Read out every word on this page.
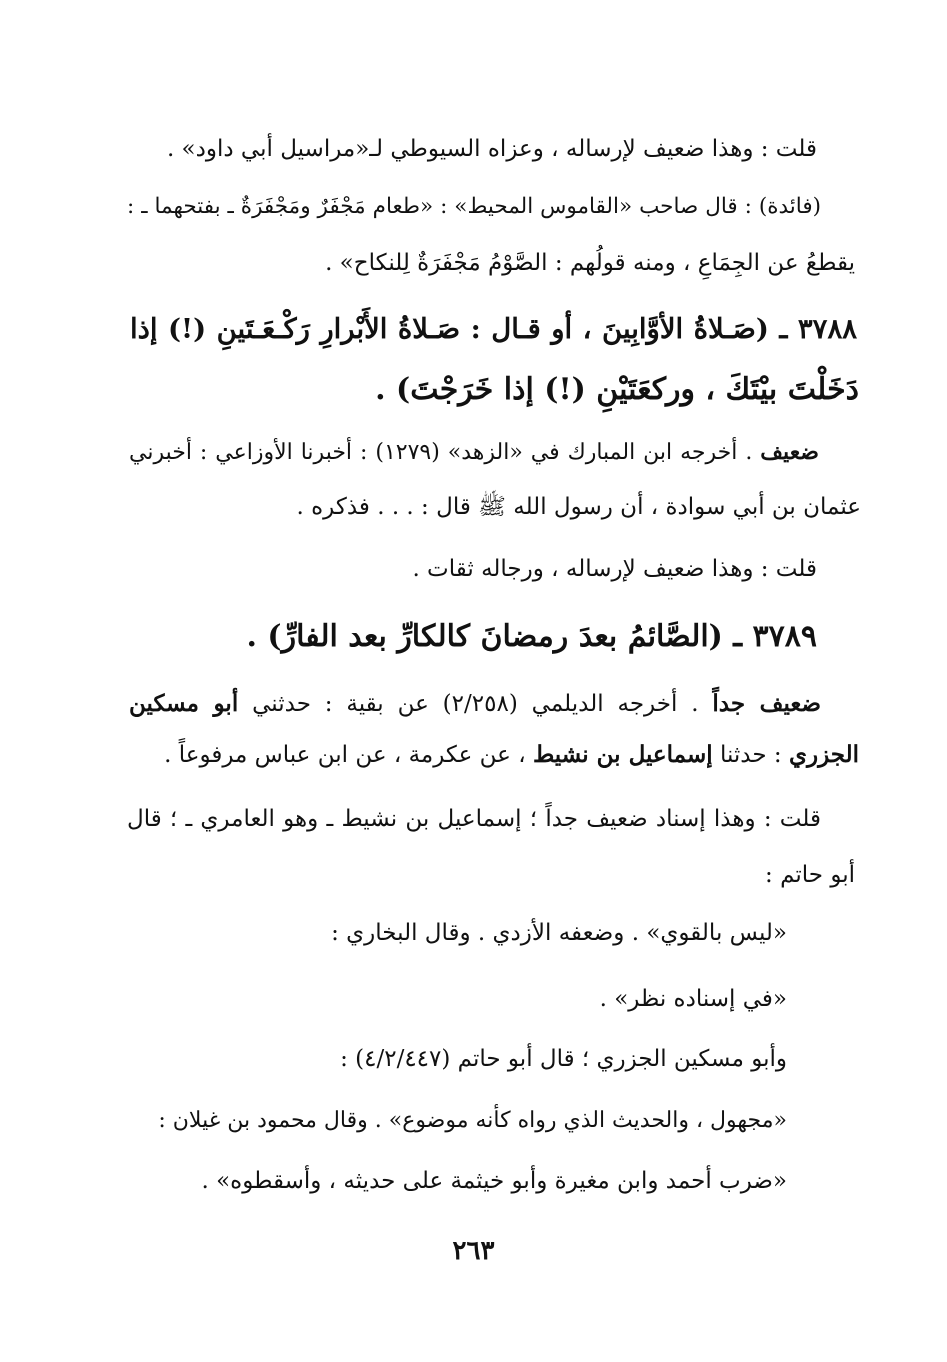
قلت : وهذا ضعيف لإرساله ، وعزاه السيوطي لـ«مراسيل أبي داود» .
(فائدة) : قال صاحب «القاموس المحيط» : «طعام مَجْفَرٌ ومَجْفَرَةٌ ـ بفتحهما ـ :
يقطعُ عن الجِمَاعِ ، ومنه قولُهم : الصَّوْمُ مَجْفَرَةٌ لِلنكاح» .
٣٧٨٨ ـ (صَـلاةُ الأوَّابِينَ ، أو قـال : صَـلاةُ الأَبْرارِ رَكْـعَـتَينِ (!) إذا
دَخَلْتَ بيْتَكَ ، وركعَتَيْنِ (!) إذا خَرَجْتَ) .
ضعيف . أخرجه ابن المبارك في «الزهد» (١٢٧٩) : أخبرنا الأوزاعي : أخبرني
عثمان بن أبي سوادة ، أن رسول الله ﷺ قال : . . . فذكره .
قلت : وهذا ضعيف لإرساله ، ورجاله ثقات .
٣٧٨٩ ـ (الصَّائمُ بعدَ رمضانَ كالكارِّ بعد الفارِّ) .
ضعيف جداً . أخرجه الديلمي (٢/٢٥٨) عن بقية : حدثني أبو مسكين
الجزري : حدثنا إسماعيل بن نشيط ، عن عكرمة ، عن ابن عباس مرفوعاً .
قلت : وهذا إسناد ضعيف جداً ؛ إسماعيل بن نشيط ـ وهو العامري ـ ؛ قال
أبو حاتم :
«ليس بالقوي» . وضعفه الأزدي . وقال البخاري :
«في إسناده نظر» .
وأبو مسكين الجزري ؛ قال أبو حاتم (٤/٢/٤٤٧) :
«مجهول ، والحديث الذي رواه كأنه موضوع» . وقال محمود بن غيلان :
«ضرب أحمد وابن مغيرة وأبو خيثمة على حديثه ، وأسقطوه» .
٢٦٣
